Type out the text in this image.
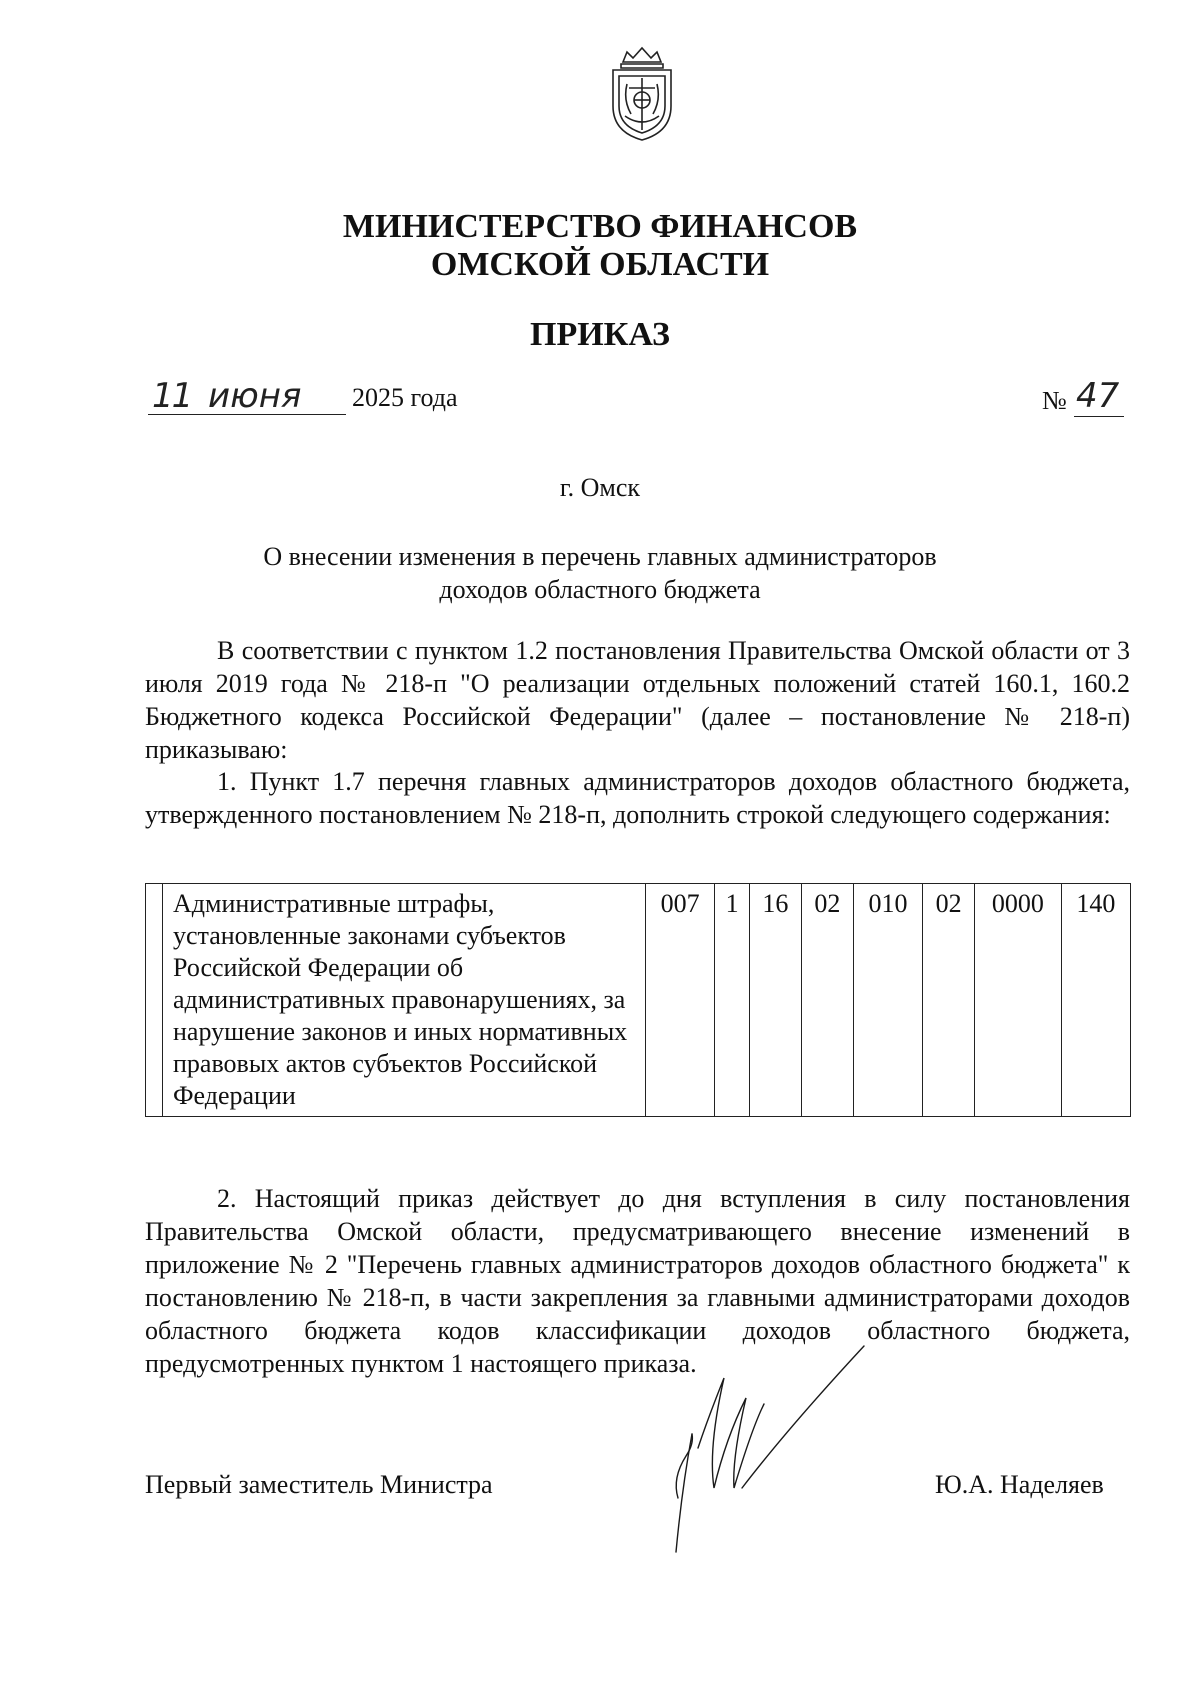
МИНИСТЕРСТВО ФИНАНСОВ
ОМСКОЙ ОБЛАСТИ
ПРИКАЗ
11 июня 2025 года	№ 47
г. Омск
О внесении изменения в перечень главных администраторов
доходов областного бюджета

В соответствии с пунктом 1.2 постановления Правительства Омской области от 3 июля 2019 года № 218-п "О реализации отдельных положений статей 160.1, 160.2 Бюджетного кодекса Российской Федерации" (далее – постановление № 218-п) приказываю:

1. Пункт 1.7 перечня главных администраторов доходов областного бюджета, утвержденного постановлением № 218-п, дополнить строкой следующего содержания:

	Административные штрафы, установленные законами субъектов Российской Федерации об административных правонарушениях, за нарушение законов и иных нормативных правовых актов субъектов Российской Федерации	007	1	16	02	010	02	0000	140

2. Настоящий приказ действует до дня вступления в силу постановления Правительства Омской области, предусматривающего внесение изменений в приложение № 2 "Перечень главных администраторов доходов областного бюджета" к постановлению № 218-п, в части закрепления за главными администраторами доходов областного бюджета кодов классификации доходов областного бюджета, предусмотренных пунктом 1 настоящего приказа.

Первый заместитель Министра	Ю.А. Наделяев
